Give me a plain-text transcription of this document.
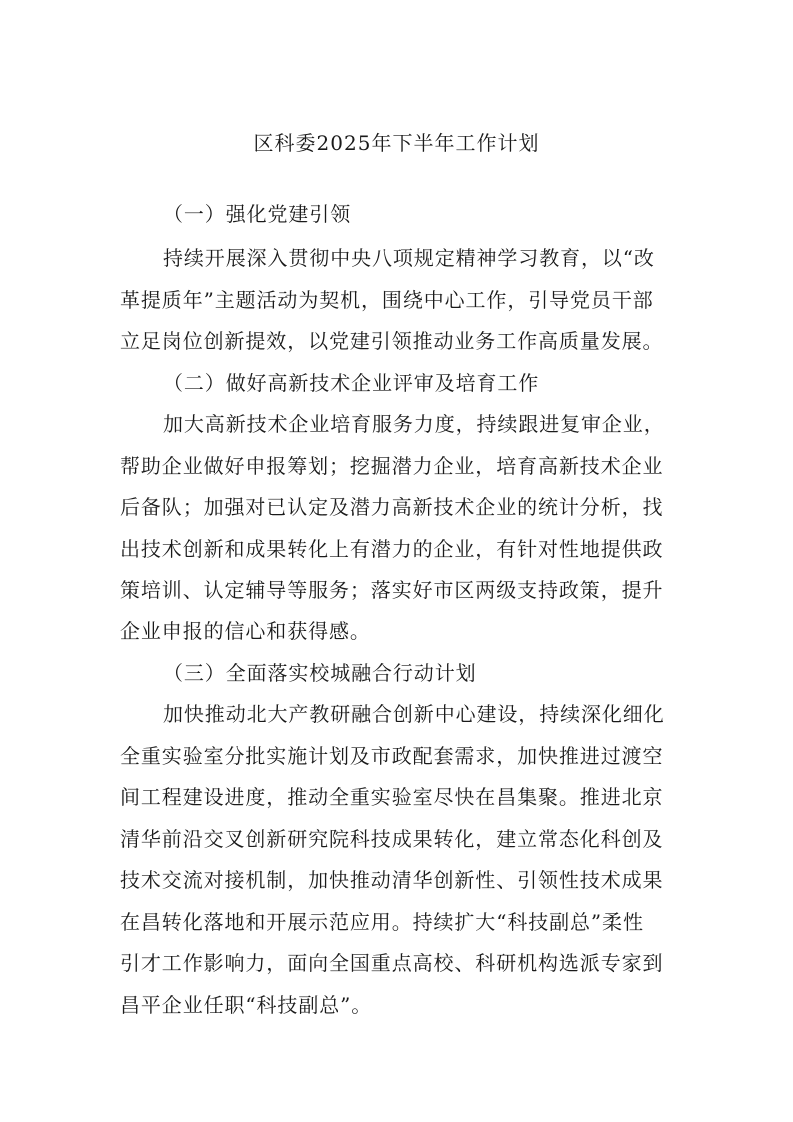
区科委2025年下半年工作计划
（一）强化党建引领
持续开展深入贯彻中央八项规定精神学习教育，以“改
革提质年”主题活动为契机，围绕中心工作，引导党员干部
立足岗位创新提效，以党建引领推动业务工作高质量发展。
（二）做好高新技术企业评审及培育工作
加大高新技术企业培育服务力度，持续跟进复审企业，
帮助企业做好申报筹划；挖掘潜力企业，培育高新技术企业
后备队；加强对已认定及潜力高新技术企业的统计分析，找
出技术创新和成果转化上有潜力的企业，有针对性地提供政
策培训、认定辅导等服务；落实好市区两级支持政策，提升
企业申报的信心和获得感。
（三）全面落实校城融合行动计划
加快推动北大产教研融合创新中心建设，持续深化细化
全重实验室分批实施计划及市政配套需求，加快推进过渡空
间工程建设进度，推动全重实验室尽快在昌集聚。推进北京
清华前沿交叉创新研究院科技成果转化，建立常态化科创及
技术交流对接机制，加快推动清华创新性、引领性技术成果
在昌转化落地和开展示范应用。持续扩大“科技副总”柔性
引才工作影响力，面向全国重点高校、科研机构选派专家到
昌平企业任职“科技副总”。
